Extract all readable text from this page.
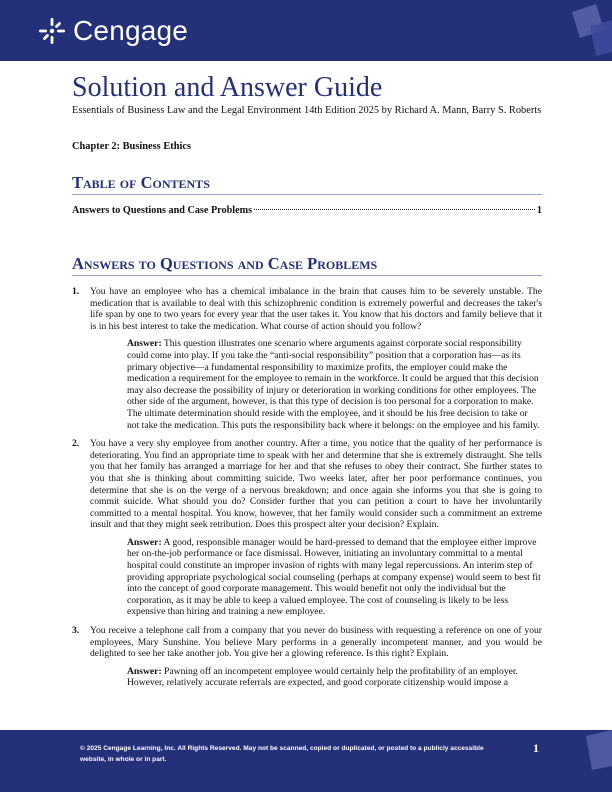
Cengage
Solution and Answer Guide
Essentials of Business Law and the Legal Environment 14th Edition 2025 by Richard A. Mann, Barry S. Roberts
Chapter 2: Business Ethics
Table of Contents
Answers to Questions and Case Problems	1
Answers to Questions and Case Problems
1. You have an employee who has a chemical imbalance in the brain that causes him to be severely unstable. The medication that is available to deal with this schizophrenic condition is extremely powerful and decreases the taker's life span by one to two years for every year that the user takes it. You know that his doctors and family believe that it is in his best interest to take the medication. What course of action should you follow?

Answer: This question illustrates one scenario where arguments against corporate social responsibility could come into play. If you take the “anti-social responsibility” position that a corporation has—as its primary objective—a fundamental responsibility to maximize profits, the employer could make the medication a requirement for the employee to remain in the workforce. It could be argued that this decision may also decrease the possibility of injury or deterioration in working conditions for other employees. The other side of the argument, however, is that this type of decision is too personal for a corporation to make. The ultimate determination should reside with the employee, and it should be his free decision to take or not take the medication. This puts the responsibility back where it belongs: on the employee and his family.

2. You have a very shy employee from another country. After a time, you notice that the quality of her performance is deteriorating. You find an appropriate time to speak with her and determine that she is extremely distraught. She tells you that her family has arranged a marriage for her and that she refuses to obey their contract. She further states to you that she is thinking about committing suicide. Two weeks later, after her poor performance continues, you determine that she is on the verge of a nervous breakdown; and once again she informs you that she is going to commit suicide. What should you do? Consider further that you can petition a court to have her involuntarily committed to a mental hospital. You know, however, that her family would consider such a commitment an extreme insult and that they might seek retribution. Does this prospect alter your decision? Explain.

Answer: A good, responsible manager would be hard-pressed to demand that the employee either improve her on-the-job performance or face dismissal. However, initiating an involuntary committal to a mental hospital could constitute an improper invasion of rights with many legal repercussions. An interim step of providing appropriate psychological social counseling (perhaps at company expense) would seem to best fit into the concept of good corporate management. This would benefit not only the individual but the corporation, as it may be able to keep a valued employee. The cost of counseling is likely to be less expensive than hiring and training a new employee.

3. You receive a telephone call from a company that you never do business with requesting a reference on one of your employees, Mary Sunshine. You believe Mary performs in a generally incompetent manner, and you would be delighted to see her take another job. You give her a glowing reference. Is this right? Explain.

Answer: Pawning off an incompetent employee would certainly help the profitability of an employer. However, relatively accurate referrals are expected, and good corporate citizenship would impose a

© 2025 Cengage Learning, Inc. All Rights Reserved. May not be scanned, copied or duplicated, or posted to a publicly accessible website, in whole or in part.
1
